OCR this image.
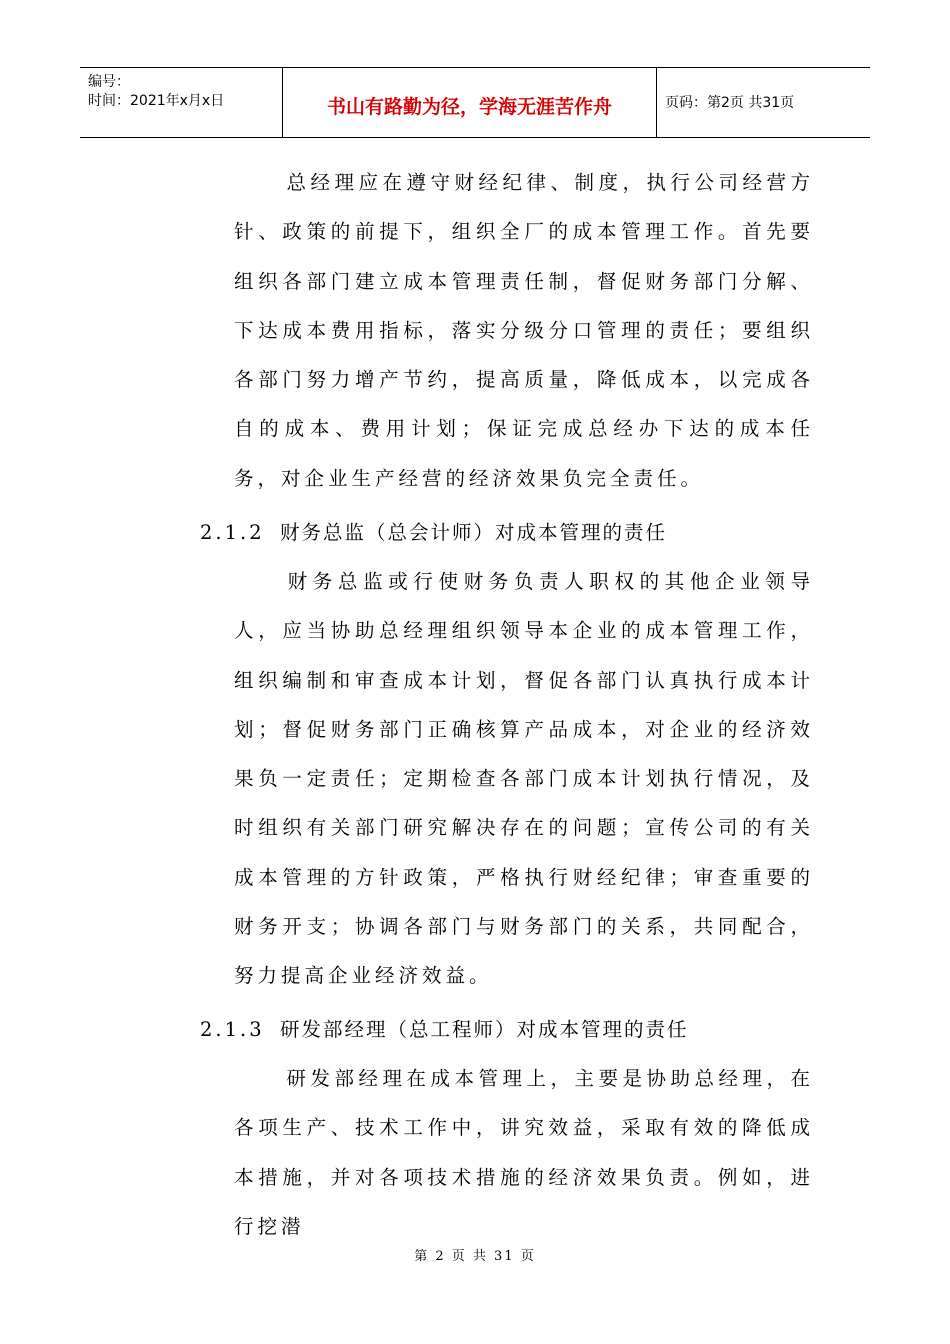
编号：
时间：2021年x月x日	书山有路勤为径，学海无涯苦作舟	页码：第2页 共31页

总经理应在遵守财经纪律、制度，执行公司经营方针、政策的前提下，组织全厂的成本管理工作。首先要组织各部门建立成本管理责任制，督促财务部门分解、下达成本费用指标，落实分级分口管理的责任；要组织各部门努力增产节约，提高质量，降低成本，以完成各自的成本、费用计划；保证完成总经办下达的成本任务，对企业生产经营的经济效果负完全责任。

2.1.2 财务总监（总会计师）对成本管理的责任

财务总监或行使财务负责人职权的其他企业领导人，应当协助总经理组织领导本企业的成本管理工作，组织编制和审查成本计划，督促各部门认真执行成本计划；督促财务部门正确核算产品成本，对企业的经济效果负一定责任；定期检查各部门成本计划执行情况，及时组织有关部门研究解决存在的问题；宣传公司的有关成本管理的方针政策，严格执行财经纪律；审查重要的财务开支；协调各部门与财务部门的关系，共同配合，努力提高企业经济效益。

2.1.3 研发部经理（总工程师）对成本管理的责任

研发部经理在成本管理上，主要是协助总经理，在各项生产、技术工作中，讲究效益，采取有效的降低成本措施，并对各项技术措施的经济效果负责。例如，进行挖潜

第 2 页 共 31 页
